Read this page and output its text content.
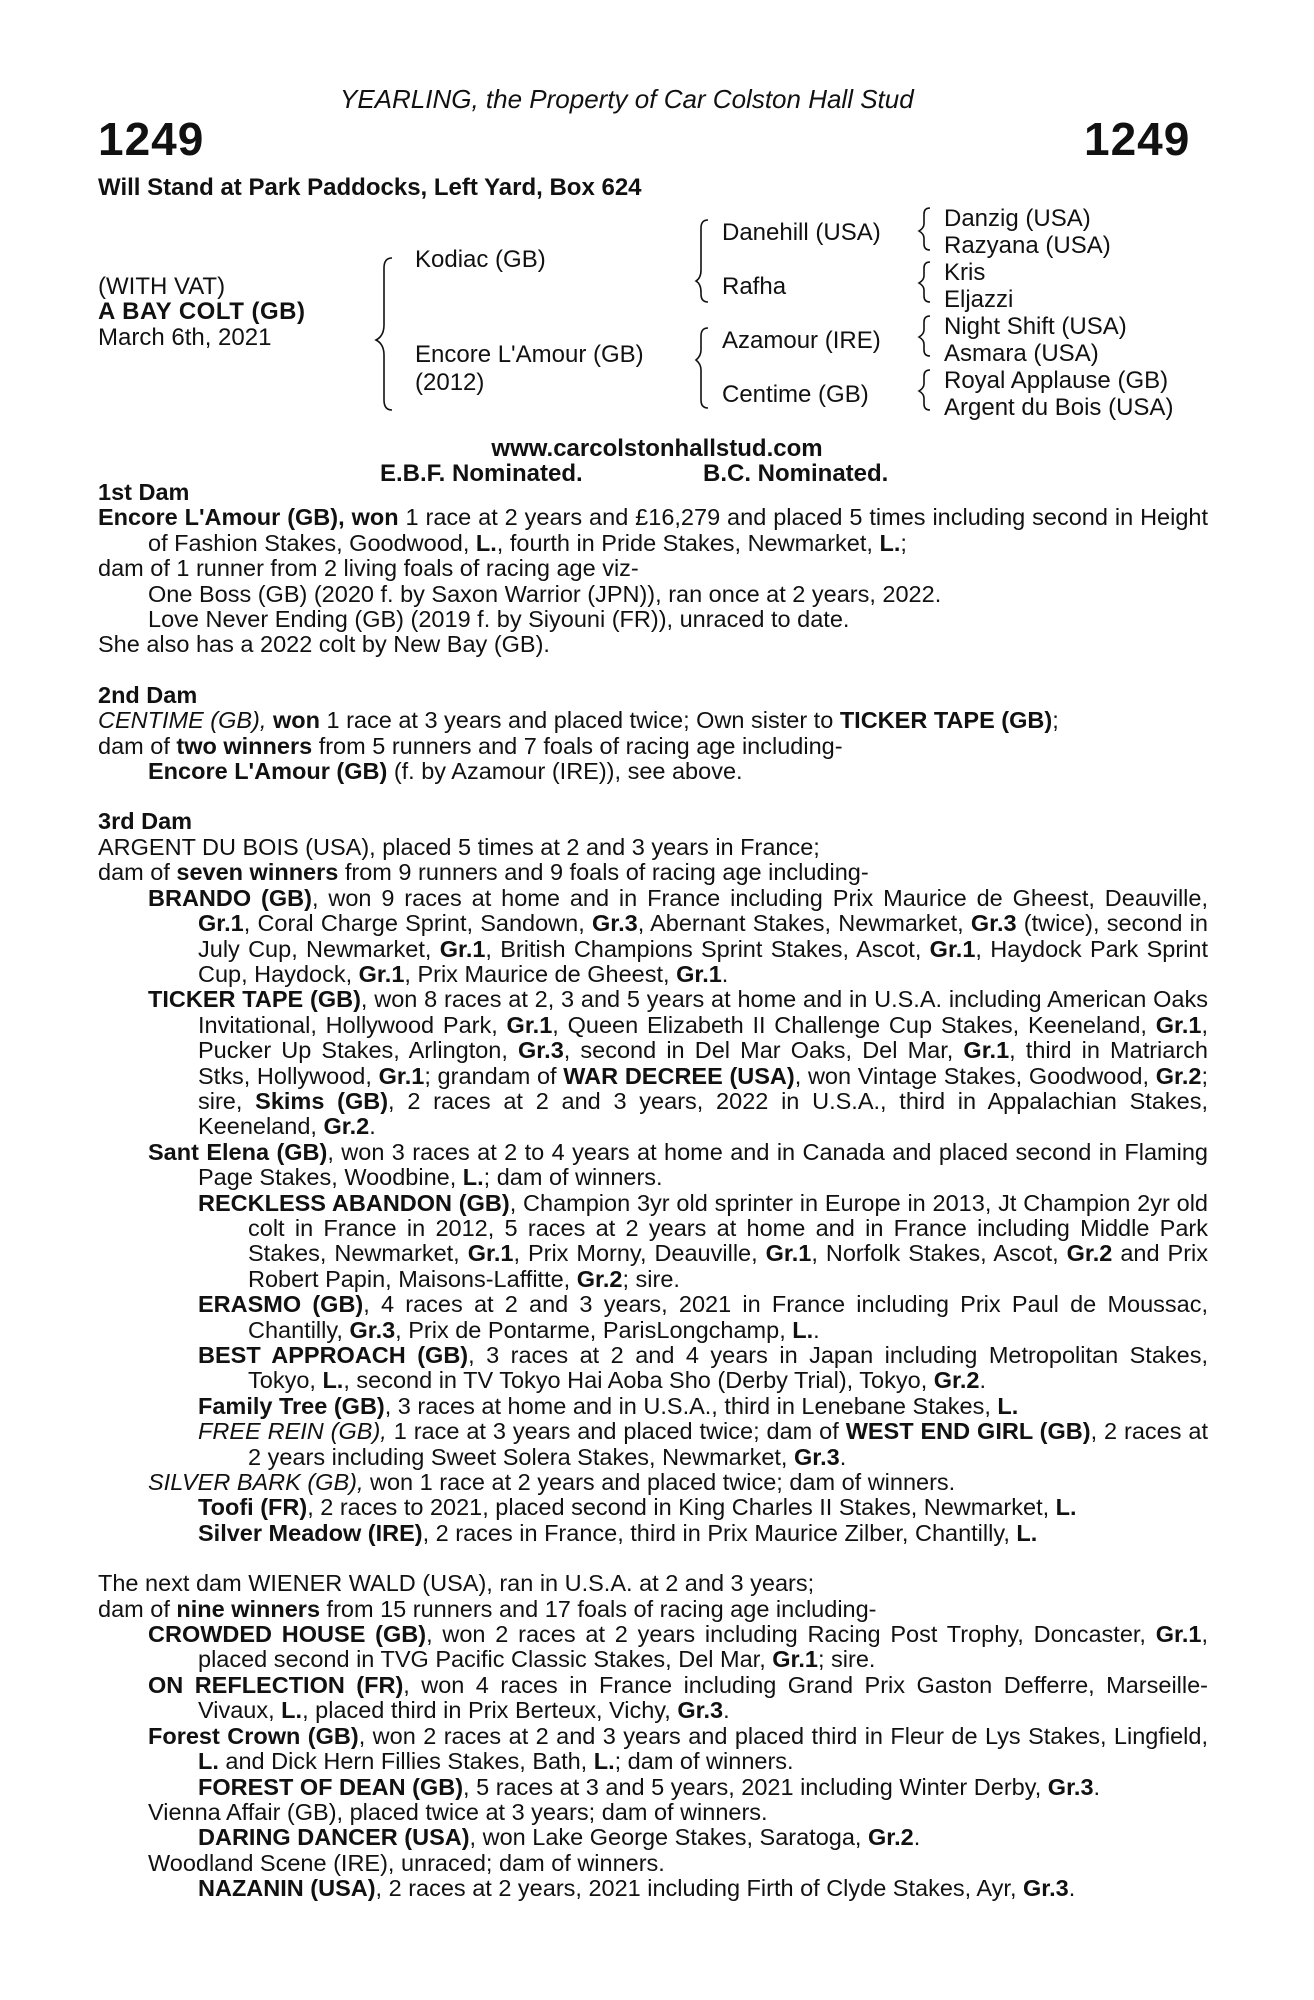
YEARLING, the Property of Car Colston Hall Stud
1249	1249
Will Stand at Park Paddocks, Left Yard, Box 624
(WITH VAT)
A BAY COLT (GB)
March 6th, 2021
Kodiac (GB)
Encore L'Amour (GB)
(2012)
Danehill (USA)
Rafha
Azamour (IRE)
Centime (GB)
Danzig (USA)
Razyana (USA)
Kris
Eljazzi
Night Shift (USA)
Asmara (USA)
Royal Applause (GB)
Argent du Bois (USA)
www.carcolstonhallstud.com
E.B.F. Nominated.	B.C. Nominated.
1st Dam
Encore L'Amour (GB), won 1 race at 2 years and £16,279 and placed 5 times including second in Height of Fashion Stakes, Goodwood, L., fourth in Pride Stakes, Newmarket, L.;
dam of 1 runner from 2 living foals of racing age viz-
One Boss (GB) (2020 f. by Saxon Warrior (JPN)), ran once at 2 years, 2022.
Love Never Ending (GB) (2019 f. by Siyouni (FR)), unraced to date.
She also has a 2022 colt by New Bay (GB).
2nd Dam
CENTIME (GB), won 1 race at 3 years and placed twice; Own sister to TICKER TAPE (GB);
dam of two winners from 5 runners and 7 foals of racing age including-
Encore L'Amour (GB) (f. by Azamour (IRE)), see above.
3rd Dam
ARGENT DU BOIS (USA), placed 5 times at 2 and 3 years in France;
dam of seven winners from 9 runners and 9 foals of racing age including-
BRANDO (GB), won 9 races at home and in France including Prix Maurice de Gheest, Deauville, Gr.1, Coral Charge Sprint, Sandown, Gr.3, Abernant Stakes, Newmarket, Gr.3 (twice), second in July Cup, Newmarket, Gr.1, British Champions Sprint Stakes, Ascot, Gr.1, Haydock Park Sprint Cup, Haydock, Gr.1, Prix Maurice de Gheest, Gr.1.
TICKER TAPE (GB), won 8 races at 2, 3 and 5 years at home and in U.S.A. including American Oaks Invitational, Hollywood Park, Gr.1, Queen Elizabeth II Challenge Cup Stakes, Keeneland, Gr.1, Pucker Up Stakes, Arlington, Gr.3, second in Del Mar Oaks, Del Mar, Gr.1, third in Matriarch Stks, Hollywood, Gr.1; grandam of WAR DECREE (USA), won Vintage Stakes, Goodwood, Gr.2; sire, Skims (GB), 2 races at 2 and 3 years, 2022 in U.S.A., third in Appalachian Stakes, Keeneland, Gr.2.
Sant Elena (GB), won 3 races at 2 to 4 years at home and in Canada and placed second in Flaming Page Stakes, Woodbine, L.; dam of winners.
RECKLESS ABANDON (GB), Champion 3yr old sprinter in Europe in 2013, Jt Champion 2yr old colt in France in 2012, 5 races at 2 years at home and in France including Middle Park Stakes, Newmarket, Gr.1, Prix Morny, Deauville, Gr.1, Norfolk Stakes, Ascot, Gr.2 and Prix Robert Papin, Maisons-Laffitte, Gr.2; sire.
ERASMO (GB), 4 races at 2 and 3 years, 2021 in France including Prix Paul de Moussac, Chantilly, Gr.3, Prix de Pontarme, ParisLongchamp, L..
BEST APPROACH (GB), 3 races at 2 and 4 years in Japan including Metropolitan Stakes, Tokyo, L., second in TV Tokyo Hai Aoba Sho (Derby Trial), Tokyo, Gr.2.
Family Tree (GB), 3 races at home and in U.S.A., third in Lenebane Stakes, L.
FREE REIN (GB), 1 race at 3 years and placed twice; dam of WEST END GIRL (GB), 2 races at 2 years including Sweet Solera Stakes, Newmarket, Gr.3.
SILVER BARK (GB), won 1 race at 2 years and placed twice; dam of winners.
Toofi (FR), 2 races to 2021, placed second in King Charles II Stakes, Newmarket, L.
Silver Meadow (IRE), 2 races in France, third in Prix Maurice Zilber, Chantilly, L.
The next dam WIENER WALD (USA), ran in U.S.A. at 2 and 3 years;
dam of nine winners from 15 runners and 17 foals of racing age including-
CROWDED HOUSE (GB), won 2 races at 2 years including Racing Post Trophy, Doncaster, Gr.1, placed second in TVG Pacific Classic Stakes, Del Mar, Gr.1; sire.
ON REFLECTION (FR), won 4 races in France including Grand Prix Gaston Defferre, Marseille-Vivaux, L., placed third in Prix Berteux, Vichy, Gr.3.
Forest Crown (GB), won 2 races at 2 and 3 years and placed third in Fleur de Lys Stakes, Lingfield, L. and Dick Hern Fillies Stakes, Bath, L.; dam of winners.
FOREST OF DEAN (GB), 5 races at 3 and 5 years, 2021 including Winter Derby, Gr.3.
Vienna Affair (GB), placed twice at 3 years; dam of winners.
DARING DANCER (USA), won Lake George Stakes, Saratoga, Gr.2.
Woodland Scene (IRE), unraced; dam of winners.
NAZANIN (USA), 2 races at 2 years, 2021 including Firth of Clyde Stakes, Ayr, Gr.3.
